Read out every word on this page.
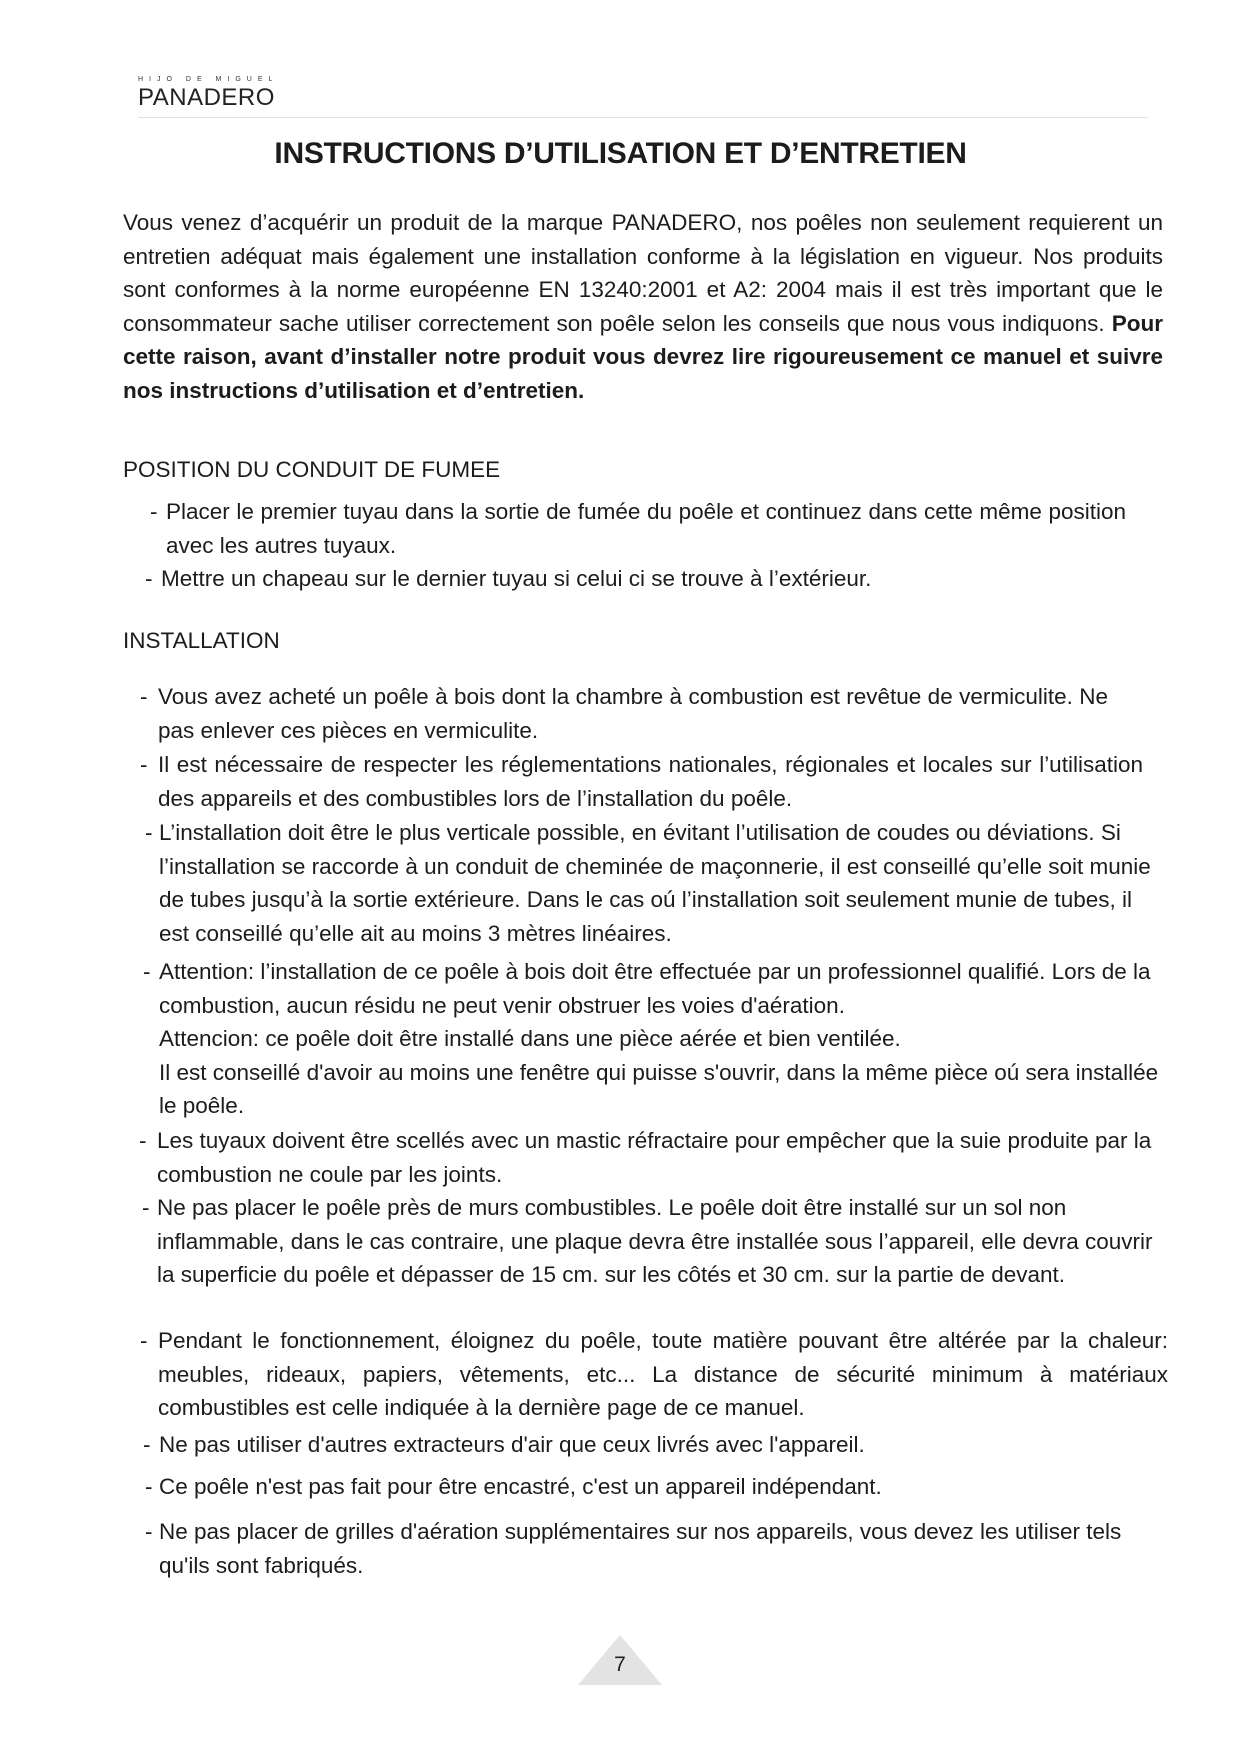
HIJO DE MIGUEL
PANADERO
INSTRUCTIONS D’UTILISATION ET D’ENTRETIEN
Vous venez d’acquérir un produit de la marque PANADERO, nos poêles non seulement requierent un entretien adéquat mais également une installation conforme à la législation en vigueur. Nos produits sont conformes à la norme européenne EN 13240:2001 et A2: 2004 mais il est très important que le consommateur sache utiliser correctement son poêle selon les conseils que nous vous indiquons. Pour cette raison, avant d’installer notre produit vous devrez lire rigoureusement ce manuel et suivre nos instructions d’utilisation et d’entretien.
POSITION DU CONDUIT DE FUMEE
- Placer le premier tuyau dans la sortie de fumée du poêle et continuez dans cette même position avec les autres tuyaux.
- Mettre un chapeau sur le dernier tuyau si celui ci se trouve à l’extérieur.
INSTALLATION
- Vous avez acheté un poêle à bois dont la chambre à combustion est revêtue de vermiculite. Ne pas enlever ces pièces en vermiculite.
- Il est nécessaire de respecter les réglementations nationales, régionales et locales sur l’utilisation des appareils et des combustibles lors de l’installation du poêle.
- L’installation doit être le plus verticale possible, en évitant l’utilisation de coudes ou déviations. Si l’installation se raccorde à un conduit de cheminée de maçonnerie, il est conseillé qu’elle soit munie de tubes jusqu’à la sortie extérieure. Dans le cas oú l’installation soit seulement munie de tubes, il est conseillé qu’elle ait au moins 3 mètres linéaires.
- Attention: l’installation de ce poêle à bois doit être effectuée par un professionnel qualifié. Lors de la combustion, aucun résidu ne peut venir obstruer les voies d'aération.
Attencion: ce poêle doit être installé dans une pièce aérée et bien ventilée.
Il est conseillé d'avoir au moins une fenêtre qui puisse s'ouvrir, dans la même pièce oú sera installée le poêle.
- Les tuyaux doivent être scellés avec un mastic réfractaire pour empêcher que la suie produite par la combustion ne coule par les joints.
- Ne pas placer le poêle près de murs combustibles. Le poêle doit être installé sur un sol non inflammable, dans le cas contraire, une plaque devra être installée sous l’appareil, elle devra couvrir la superficie du poêle et dépasser de 15 cm. sur les côtés et 30 cm. sur la partie de devant.
- Pendant le fonctionnement, éloignez du poêle, toute matière pouvant être altérée par la chaleur: meubles, rideaux, papiers, vêtements, etc... La distance de sécurité minimum à matériaux combustibles est celle indiquée à la dernière page de ce manuel.
- Ne pas utiliser d'autres extracteurs d'air que ceux livrés avec l'appareil.
- Ce poêle n'est pas fait pour être encastré, c'est un appareil indépendant.
- Ne pas placer de grilles d'aération supplémentaires sur nos appareils, vous devez les utiliser tels qu'ils sont fabriqués.
7
